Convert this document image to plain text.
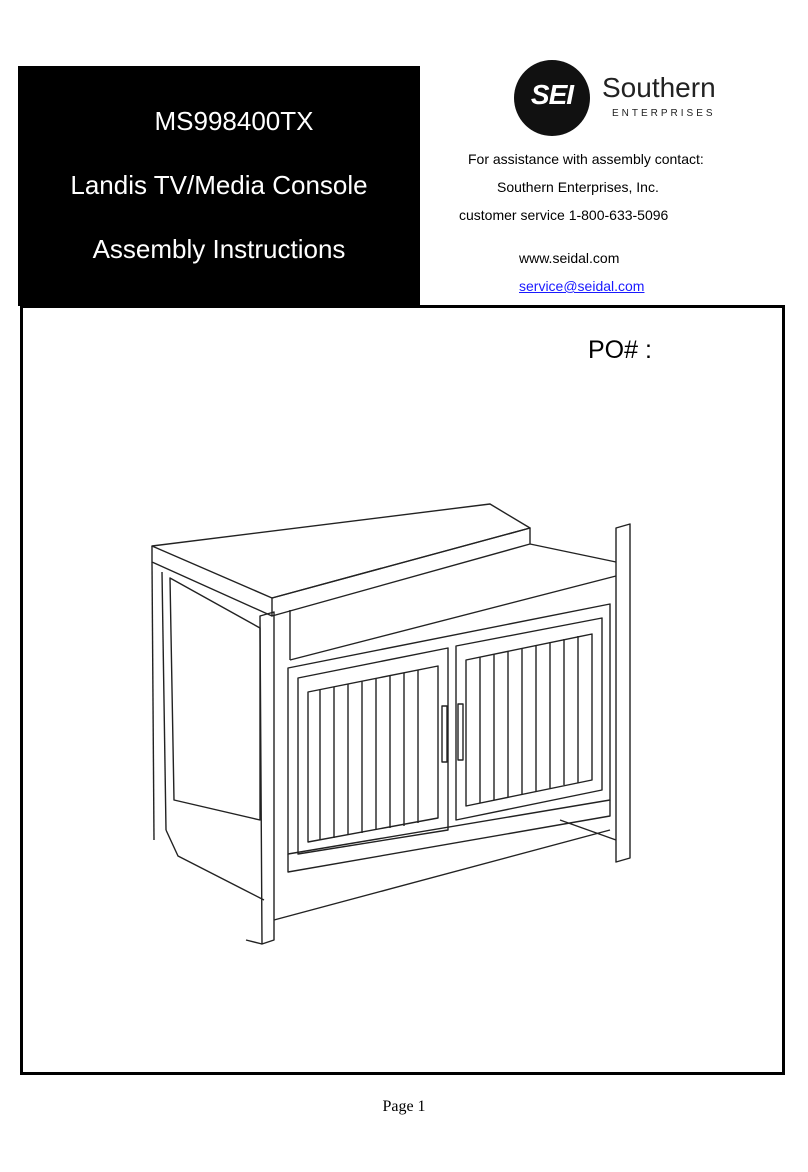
MS998400TX
Landis TV/Media Console
Assembly Instructions
SEI	Southern
ENTERPRISES
For assistance with assembly contact:
Southern Enterprises, Inc.
customer service 1-800-633-5096
www.seidal.com
service@seidal.com
PO# :
Page 1
